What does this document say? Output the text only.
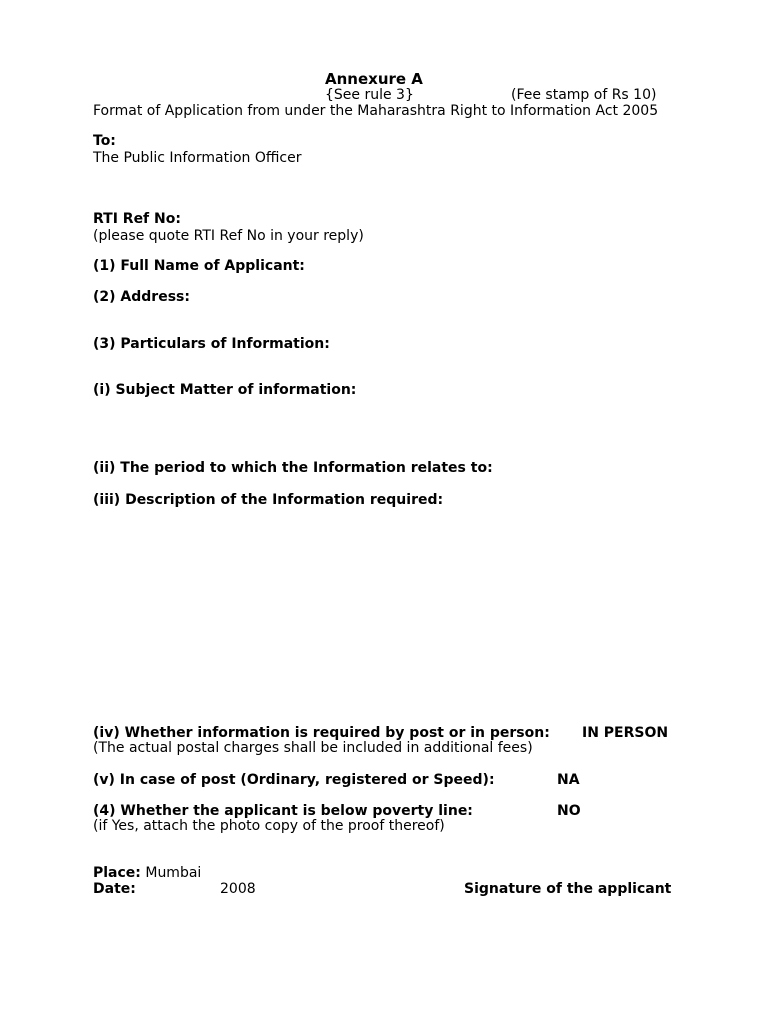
Annexure A
{See rule 3}	(Fee stamp of Rs 10)
Format of Application from under the Maharashtra Right to Information Act 2005
To:
The Public Information Officer
RTI Ref No:
(please quote RTI Ref No in your reply)
(1) Full Name of Applicant:
(2) Address:
(3) Particulars of Information:
(i) Subject Matter of information:
(ii) The period to which the Information relates to:
(iii) Description of the Information required:
(iv) Whether information is required by post or in person: IN PERSON
(The actual postal charges shall be included in additional fees)
(v) In case of post (Ordinary, registered or Speed):	NA
(4) Whether the applicant is below poverty line:	NO
(if Yes, attach the photo copy of the proof thereof)
Place: Mumbai
Date:	2008	Signature of the applicant
